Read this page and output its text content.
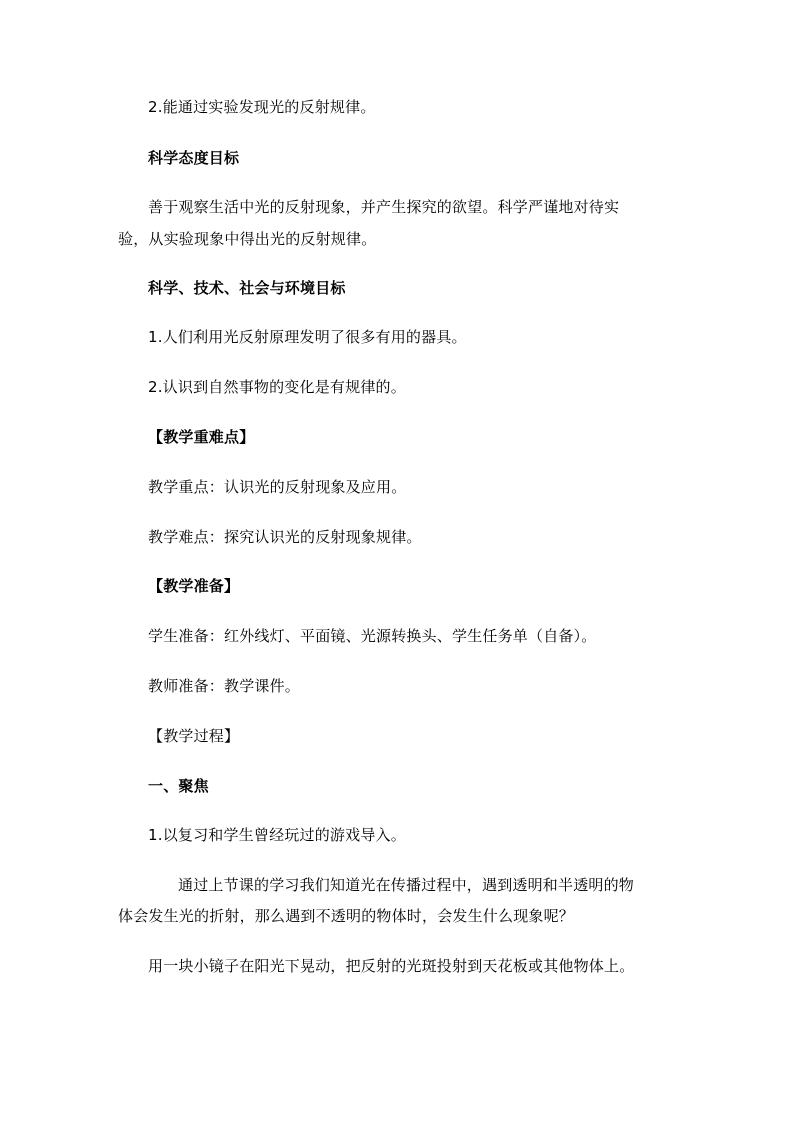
2.能通过实验发现光的反射规律。
科学态度目标
善于观察生活中光的反射现象，并产生探究的欲望。科学严谨地对待实
验，从实验现象中得出光的反射规律。
科学、技术、社会与环境目标
1.人们利用光反射原理发明了很多有用的器具。
2.认识到自然事物的变化是有规律的。
【教学重难点】
教学重点：认识光的反射现象及应用。
教学难点：探究认识光的反射现象规律。
【教学准备】
学生准备：红外线灯、平面镜、光源转换头、学生任务单（自备）。
教师准备：教学课件。
【教学过程】
一、聚焦
1.以复习和学生曾经玩过的游戏导入。
通过上节课的学习我们知道光在传播过程中，遇到透明和半透明的物
体会发生光的折射，那么遇到不透明的物体时，会发生什么现象呢？
用一块小镜子在阳光下晃动，把反射的光斑投射到天花板或其他物体上。
